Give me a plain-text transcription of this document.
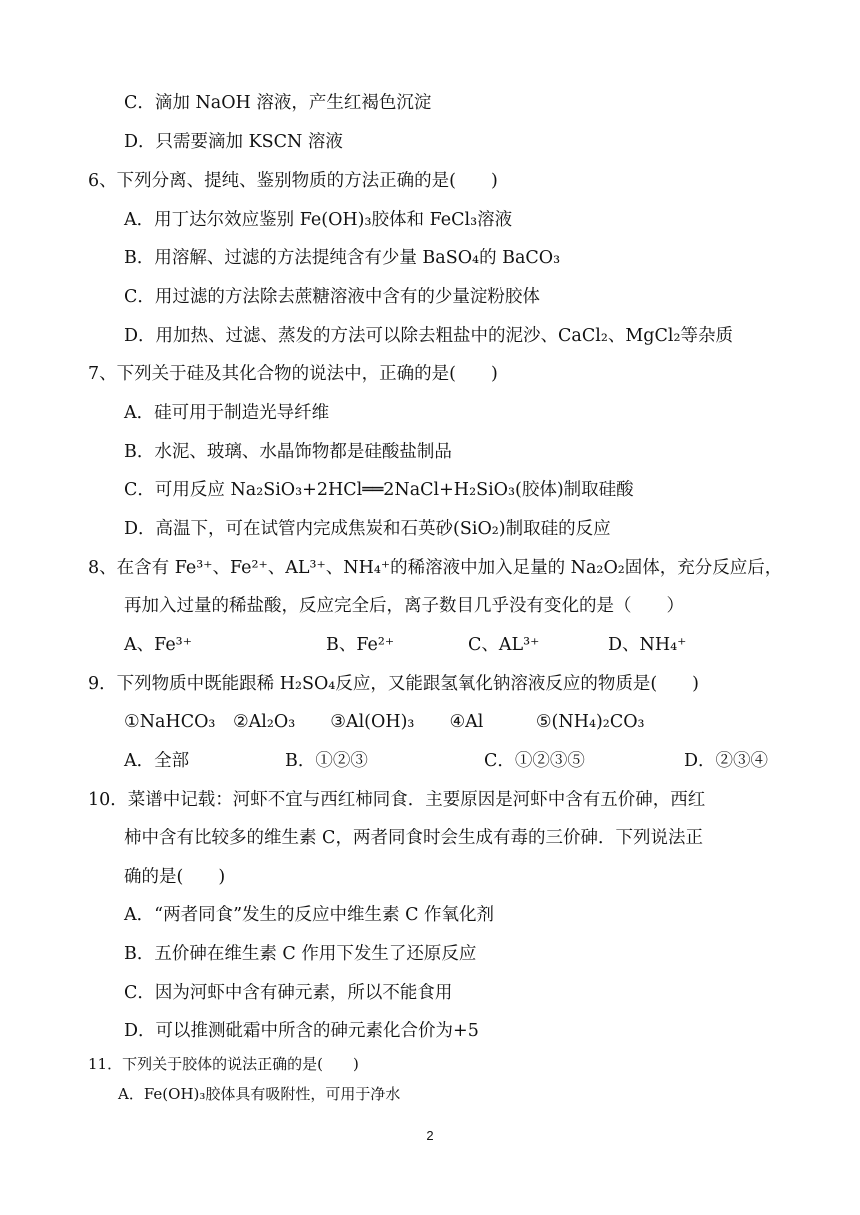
C．滴加 NaOH 溶液，产生红褐色沉淀
D．只需要滴加 KSCN 溶液
6、下列分离、提纯、鉴别物质的方法正确的是(　　)
A．用丁达尔效应鉴别 Fe(OH)₃胶体和 FeCl₃溶液
B．用溶解、过滤的方法提纯含有少量 BaSO₄的 BaCO₃
C．用过滤的方法除去蔗糖溶液中含有的少量淀粉胶体
D．用加热、过滤、蒸发的方法可以除去粗盐中的泥沙、CaCl₂、MgCl₂等杂质
7、下列关于硅及其化合物的说法中，正确的是(　　)
A．硅可用于制造光导纤维
B．水泥、玻璃、水晶饰物都是硅酸盐制品
C．可用反应 Na₂SiO₃+2HCl══2NaCl+H₂SiO₃(胶体)制取硅酸
D．高温下，可在试管内完成焦炭和石英砂(SiO₂)制取硅的反应
8、在含有 Fe³⁺、Fe²⁺、AL³⁺、NH₄⁺的稀溶液中加入足量的 Na₂O₂固体，充分反应后，
再加入过量的稀盐酸，反应完全后，离子数目几乎没有变化的是（　　）
A、Fe³⁺	B、Fe²⁺	C、AL³⁺	D、NH₄⁺
9．下列物质中既能跟稀 H₂SO₄反应，又能跟氢氧化钠溶液反应的物质是(　　)
①NaHCO₃　②Al₂O₃　　③Al(OH)₃　　④Al　　　⑤(NH₄)₂CO₃
A．全部	B．①②③	C．①②③⑤	D．②③④
10．菜谱中记载：河虾不宜与西红柿同食．主要原因是河虾中含有五价砷，西红
柿中含有比较多的维生素 C，两者同食时会生成有毒的三价砷．下列说法正
确的是(　　)
A．“两者同食”发生的反应中维生素 C 作氧化剂
B．五价砷在维生素 C 作用下发生了还原反应
C．因为河虾中含有砷元素，所以不能食用
D．可以推测砒霜中所含的砷元素化合价为+5
11．下列关于胶体的说法正确的是(　　)
A．Fe(OH)₃胶体具有吸附性，可用于净水
2
